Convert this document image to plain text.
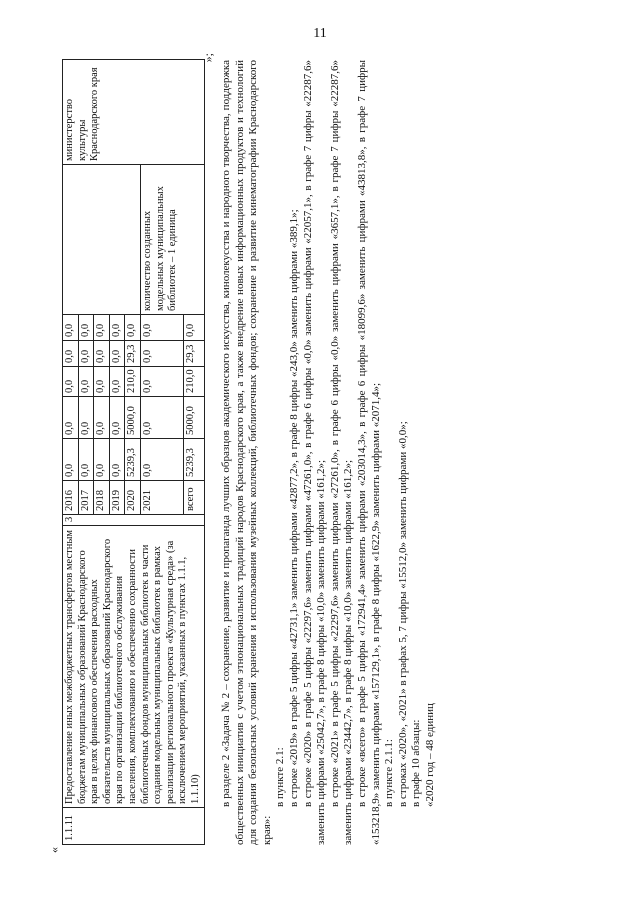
11
«
1.1.11	Предоставление иных межбюджетных трансфертов местным бюджетам муниципальных образований Краснодарского края в целях финансового обеспечения расходных обязательств муниципальных образований Краснодарского края по организации библиотечного обслуживания населения, комплектованию и обеспечению сохранности библиотечных фондов муниципальных библиотек в части создания модельных муниципальных библиотек в рамках реализации регионального проекта «Культурная среда» (за исключением мероприятий, указанных в пунктах 1.1.1, 1.1.10)	3	2016	0,0	0,0	0,0	0,0	0,0		министерство культуры Краснодарского края
			2017	0,0	0,0	0,0	0,0	0,0		
			2018	0,0	0,0	0,0	0,0	0,0		
			2019	0,0	0,0	0,0	0,0	0,0		
			2020	5239,3	5000,0	210,0	29,3	0,0		
			2021	0,0	0,0	0,0	0,0	0,0	количество созданных модельных муниципальных библиотек – 1 единица	
			всего	5239,3	5000,0	210,0	29,3	0,0		
»;

в разделе 2 «Задача № 2 – сохранение, развитие и пропаганда лучших образцов академического искусства, кинолекусства и народного творчества, поддержка общественных инициатив с учетом этнонациональных традиций народов Краснодарского края, а также внедрение новых информационных продуктов и технологий для создания безопасных условий хранения и использования музейных коллекций, библиотечных фондов; сохранение и развитие кинематографии Краснодарского края»:

в пункте 2.1: в строке «2019» в графе 5 цифры «42731,1» заменить цифрами «42877,2», в графе 8 цифры «243,0» заменить цифрами «389,1»; в строке «2020» в графе 5 цифры «22297,6» заменить цифрами «47261,0», в графе 6 цифры «0,0» заменить цифрами «22057,1», в графе 7 цифры «22287,6» заменить цифрами «25042,7», в графе 8 цифры «10,0» заменить цифрами «161,2»; в строке «2021» в графе 5 цифры «22297,6» заменить цифрами «27261,0», в графе 6 цифры «0,0» заменить цифрами «3657,1», в графе 7 цифры «22287,6» заменить цифрами «23442,7», в графе 8 цифры «10,0» заменить цифрами «161,2»; в строке «всего» в графе 5 цифры «172941,4» заменить цифрами «203014,3», в графе 6 цифры «18099,6» заменить цифрами «43813,8», в графе 7 цифры «153218,9» заменить цифрами «157129,1», в графе 8 цифры «1622,9» заменить цифрами «2071,4»; в пункте 2.1.1: в строках «2020», «2021» в графах 5, 7 цифры «15512,0» заменить цифрами «0,0»; в графе 10 абзацы: «2020 год – 48 единиц
